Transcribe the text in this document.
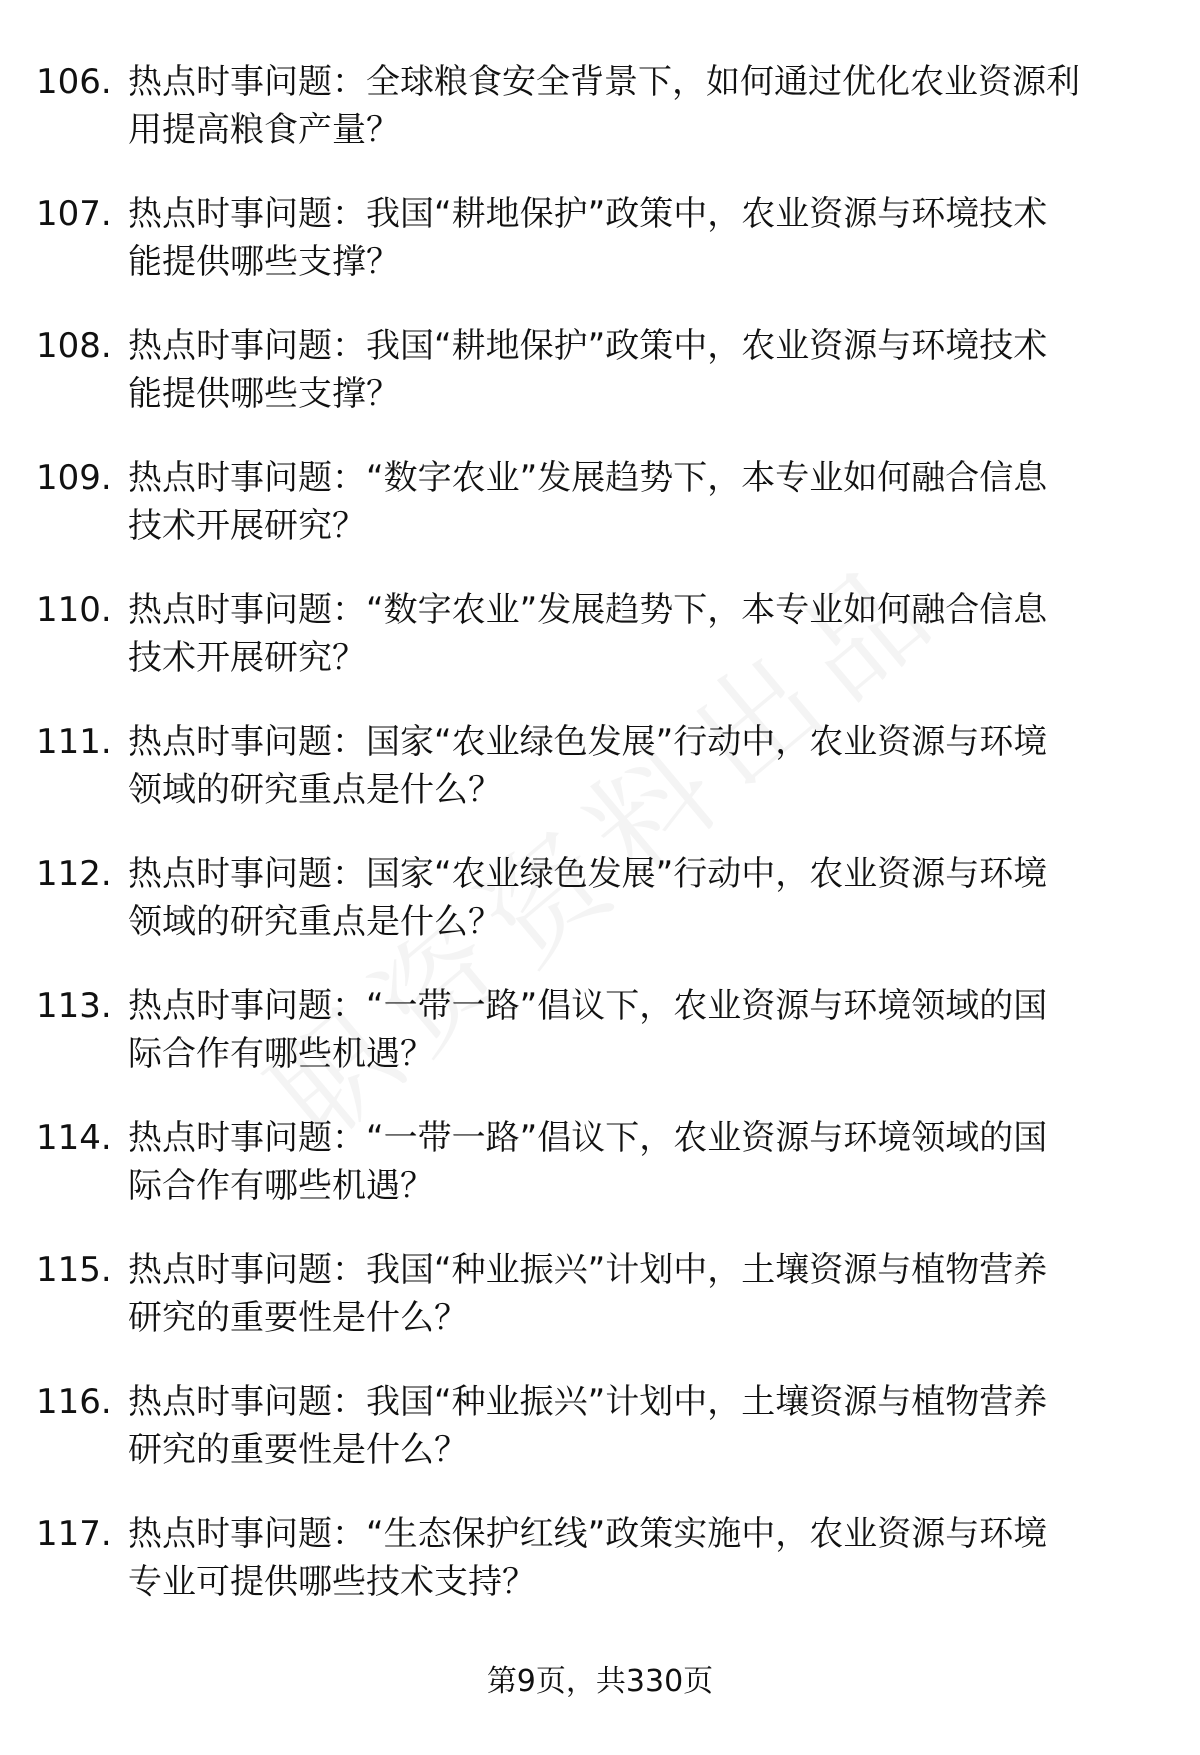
106. 热点时事问题：全球粮食安全背景下，如何通过优化农业资源利
用提高粮食产量？
107. 热点时事问题：我国“耕地保护”政策中，农业资源与环境技术
能提供哪些支撑？
108. 热点时事问题：我国“耕地保护”政策中，农业资源与环境技术
能提供哪些支撑？
109. 热点时事问题：“数字农业”发展趋势下，本专业如何融合信息
技术开展研究？
110. 热点时事问题：“数字农业”发展趋势下，本专业如何融合信息
技术开展研究？
111. 热点时事问题：国家“农业绿色发展”行动中，农业资源与环境
领域的研究重点是什么？
112. 热点时事问题：国家“农业绿色发展”行动中，农业资源与环境
领域的研究重点是什么？
113. 热点时事问题：“一带一路”倡议下，农业资源与环境领域的国
际合作有哪些机遇？
114. 热点时事问题：“一带一路”倡议下，农业资源与环境领域的国
际合作有哪些机遇？
115. 热点时事问题：我国“种业振兴”计划中，土壤资源与植物营养
研究的重要性是什么？
116. 热点时事问题：我国“种业振兴”计划中，土壤资源与植物营养
研究的重要性是什么？
117. 热点时事问题：“生态保护红线”政策实施中，农业资源与环境
专业可提供哪些技术支持？
第9页，共330页
